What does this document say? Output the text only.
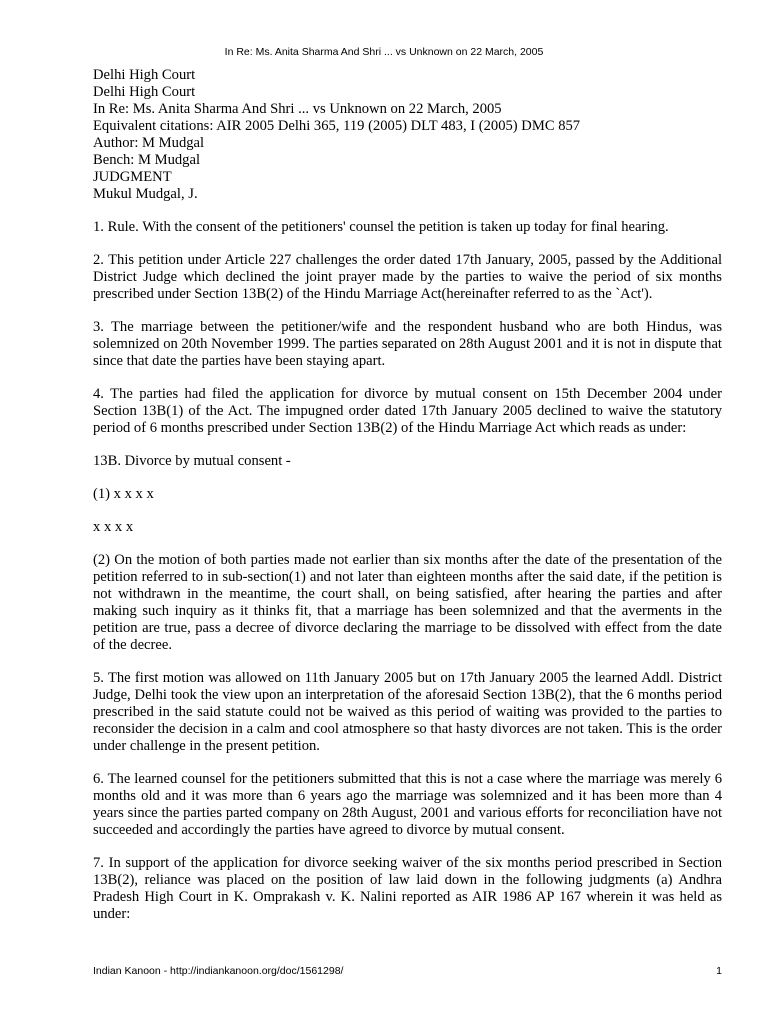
In Re: Ms. Anita Sharma And Shri ... vs Unknown on 22 March, 2005
Delhi High Court
Delhi High Court
In Re: Ms. Anita Sharma And Shri ... vs Unknown on 22 March, 2005
Equivalent citations: AIR 2005 Delhi 365, 119 (2005) DLT 483, I (2005) DMC 857
Author: M Mudgal
Bench: M Mudgal
JUDGMENT

Mukul Mudgal, J.

1. Rule. With the consent of the petitioners' counsel the petition is taken up today for final hearing.

2. This petition under Article 227 challenges the order dated 17th January, 2005, passed by the Additional District Judge which declined the joint prayer made by the parties to waive the period of six months prescribed under Section 13B(2) of the Hindu Marriage Act(hereinafter referred to as the `Act').

3. The marriage between the petitioner/wife and the respondent husband who are both Hindus, was solemnized on 20th November 1999. The parties separated on 28th August 2001 and it is not in dispute that since that date the parties have been staying apart.

4. The parties had filed the application for divorce by mutual consent on 15th December 2004 under Section 13B(1) of the Act. The impugned order dated 17th January 2005 declined to waive the statutory period of 6 months prescribed under Section 13B(2) of the Hindu Marriage Act which reads as under:

13B. Divorce by mutual consent -

(1) x x x x

x x x x

(2) On the motion of both parties made not earlier than six months after the date of the presentation of the petition referred to in sub-section(1) and not later than eighteen months after the said date, if the petition is not withdrawn in the meantime, the court shall, on being satisfied, after hearing the parties and after making such inquiry as it thinks fit, that a marriage has been solemnized and that the averments in the petition are true, pass a decree of divorce declaring the marriage to be dissolved with effect from the date of the decree.

5. The first motion was allowed on 11th January 2005 but on 17th January 2005 the learned Addl. District Judge, Delhi took the view upon an interpretation of the aforesaid Section 13B(2), that the 6 months period prescribed in the said statute could not be waived as this period of waiting was provided to the parties to reconsider the decision in a calm and cool atmosphere so that hasty divorces are not taken. This is the order under challenge in the present petition.

6. The learned counsel for the petitioners submitted that this is not a case where the marriage was merely 6 months old and it was more than 6 years ago the marriage was solemnized and it has been more than 4 years since the parties parted company on 28th August, 2001 and various efforts for reconciliation have not succeeded and accordingly the parties have agreed to divorce by mutual consent.

7. In support of the application for divorce seeking waiver of the six months period prescribed in Section 13B(2), reliance was placed on the position of law laid down in the following judgments (a) Andhra Pradesh High Court in K. Omprakash v. K. Nalini reported as AIR 1986 AP 167 wherein it was held as under:

Indian Kanoon - http://indiankanoon.org/doc/1561298/	1
